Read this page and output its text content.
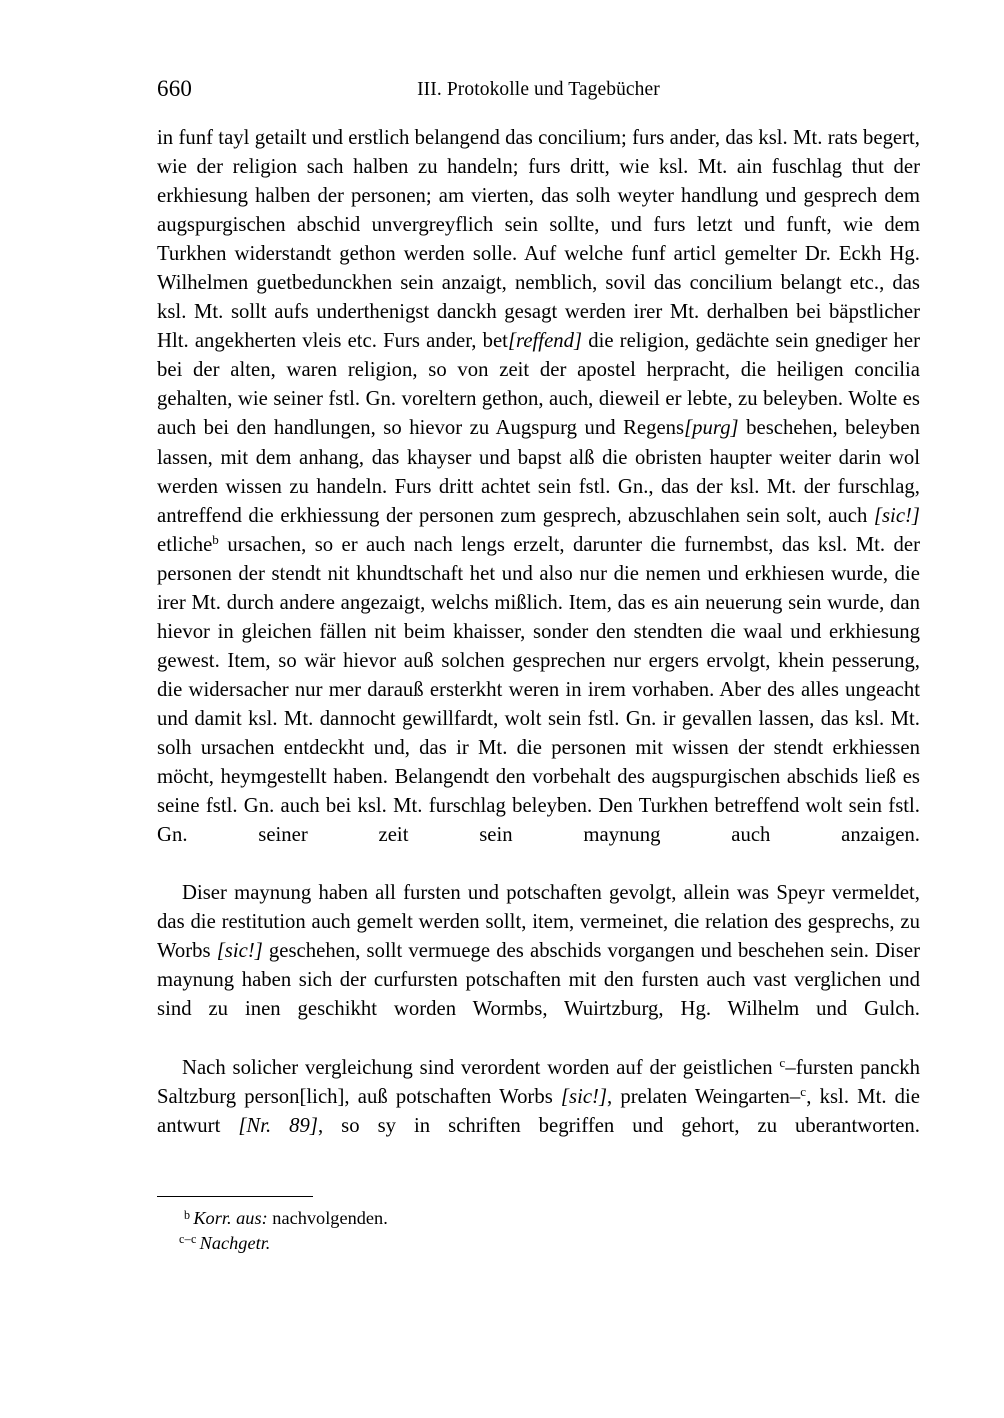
660	III. Protokolle und Tagebücher

in funf tayl getailt und erstlich belangend das concilium; furs ander, das ksl. Mt. rats begert, wie der religion sach halben zu handeln; furs dritt, wie ksl. Mt. ain fuschlag thut der erkhiesung halben der personen; am vierten, das solh weyter handlung und gesprech dem augspurgischen abschid unvergreyflich sein sollte, und furs letzt und funft, wie dem Turkhen widerstandt gethon werden solle. Auf welche funf articl gemelter Dr. Eckh Hg. Wilhelmen guetbedunckhen sein anzaigt, nemblich, sovil das concilium belangt etc., das ksl. Mt. sollt aufs underthenigst danckh gesagt werden irer Mt. derhalben bei bäpstlicher Hlt. angekherten vleis etc. Furs ander, bet[reffend] die religion, gedächte sein gnediger her bei der alten, waren religion, so von zeit der apostel herpracht, die heiligen concilia gehalten, wie seiner fstl. Gn. voreltern gethon, auch, dieweil er lebte, zu beleyben. Wolte es auch bei den handlungen, so hievor zu Augspurg und Regens[purg] beschehen, beleyben lassen, mit dem anhang, das khayser und bapst alß die obristen haupter weiter darin wol werden wissen zu handeln. Furs dritt achtet sein fstl. Gn., das der ksl. Mt. der furschlag, antreffend die erkhiessung der personen zum gesprech, abzuschlahen sein solt, auch [sic!] etliche$^b$ ursachen, so er auch nach lengs erzelt, darunter die furnembst, das ksl. Mt. der personen der stendt nit khundtschaft het und also nur die nemen und erkhiesen wurde, die irer Mt. durch andere angezaigt, welchs mißlich. Item, das es ain neuerung sein wurde, dan hievor in gleichen fällen nit beim khaisser, sonder den stendten die waal und erkhiesung gewest. Item, so wär hievor auß solchen gesprechen nur ergers ervolgt, khein pesserung, die widersacher nur mer darauß ersterkht weren in irem vorhaben. Aber des alles ungeacht und damit ksl. Mt. dannocht gewillfardt, wolt sein fstl. Gn. ir gevallen lassen, das ksl. Mt. solh ursachen entdeckht und, das ir Mt. die personen mit wissen der stendt erkhiessen möcht, heymgestellt haben. Belangendt den vorbehalt des augspurgischen abschids ließ es seine fstl. Gn. auch bei ksl. Mt. furschlag beleyben. Den Turkhen betreffend wolt sein fstl. Gn. seiner zeit sein maynung auch anzaigen.

Diser maynung haben all fursten und potschaften gevolgt, allein was Speyr vermeldet, das die restitution auch gemelt werden sollt, item, vermeinet, die relation des gesprechs, zu Worbs [sic!] geschehen, sollt vermuege des abschids vorgangen und beschehen sein. Diser maynung haben sich der curfursten potschaften mit den fursten auch vast verglichen und sind zu inen geschikht worden Wormbs, Wuirtzburg, Hg. Wilhelm und Gulch.

Nach solicher vergleichung sind verordent worden auf der geistlichen $^c$–fursten panckh Saltzburg person[lich], auß potschaften Worbs [sic!], prelaten Weingarten–$^c$, ksl. Mt. die antwurt [Nr. 89], so sy in schriften begriffen und gehort, zu uberantworten.

b Korr. aus: nachvolgenden.
c–c Nachgetr.
